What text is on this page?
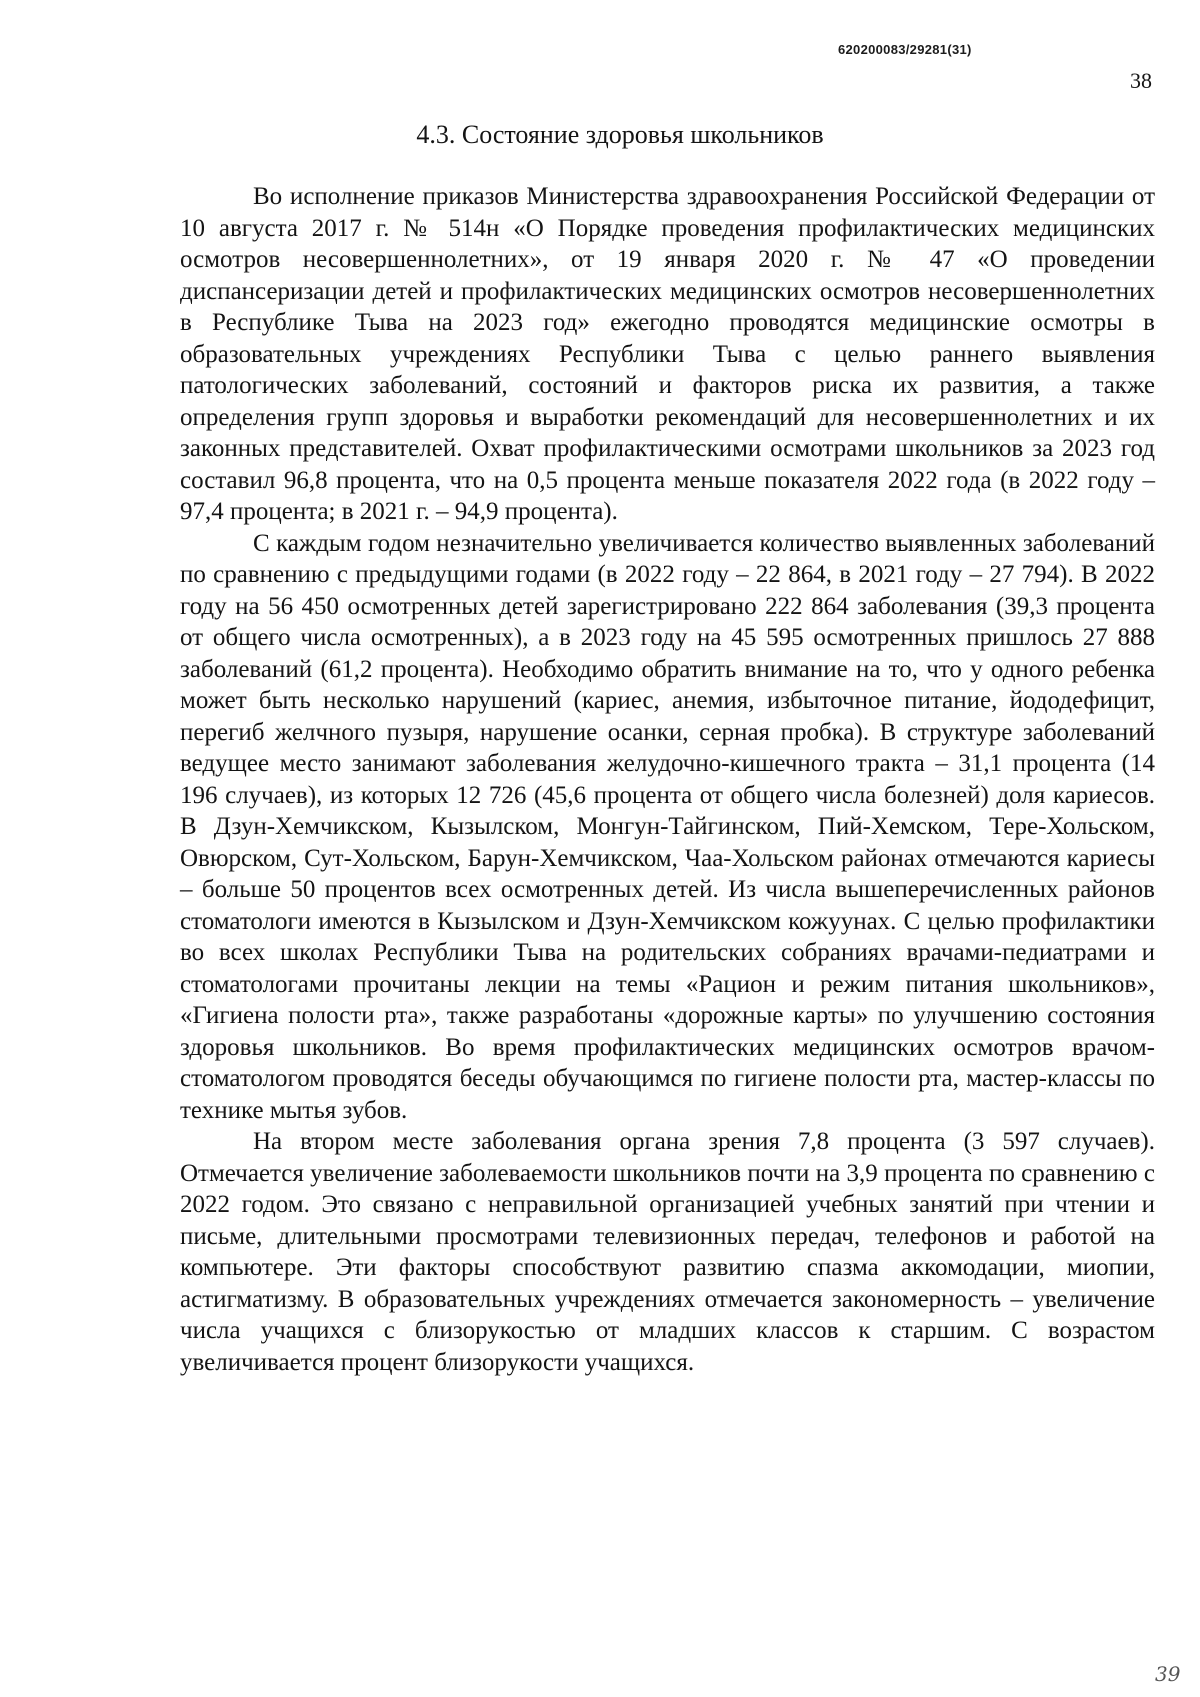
620200083/29281(31)
38
4.3. Состояние здоровья школьников

Во исполнение приказов Министерства здравоохранения Российской Федерации от 10 августа 2017 г. № 514н «О Порядке проведения профилактических медицинских осмотров несовершеннолетних», от 19 января 2020 г. № 47 «О проведении диспансеризации детей и профилактических медицинских осмотров несовершеннолетних в Республике Тыва на 2023 год» ежегодно проводятся медицинские осмотры в образовательных учреждениях Республики Тыва с целью раннего выявления патологических заболеваний, состояний и факторов риска их развития, а также определения групп здоровья и выработки рекомендаций для несовершеннолетних и их законных представителей. Охват профилактическими осмотрами школьников за 2023 год составил 96,8 процента, что на 0,5 процента меньше показателя 2022 года (в 2022 году – 97,4 процента; в 2021 г. – 94,9 процента).

С каждым годом незначительно увеличивается количество выявленных заболеваний по сравнению с предыдущими годами (в 2022 году – 22 864, в 2021 году – 27 794). В 2022 году на 56 450 осмотренных детей зарегистрировано 222 864 заболевания (39,3 процента от общего числа осмотренных), а в 2023 году на 45 595 осмотренных пришлось 27 888 заболеваний (61,2 процента). Необходимо обратить внимание на то, что у одного ребенка может быть несколько нарушений (кариес, анемия, избыточное питание, йододефицит, перегиб желчного пузыря, нарушение осанки, серная пробка). В структуре заболеваний ведущее место занимают заболевания желудочно-кишечного тракта – 31,1 процента (14 196 случаев), из которых 12 726 (45,6 процента от общего числа болезней) доля кариесов. В Дзун-Хемчикском, Кызылском, Монгун-Тайгинском, Пий-Хемском, Тере-Хольском, Овюрском, Сут-Хольском, Барун-Хемчикском, Чаа-Хольском районах отмечаются кариесы – больше 50 процентов всех осмотренных детей. Из числа вышеперечисленных районов стоматологи имеются в Кызылском и Дзун-Хемчикском кожуунах. С целью профилактики во всех школах Республики Тыва на родительских собраниях врачами-педиатрами и стоматологами прочитаны лекции на темы «Рацион и режим питания школьников», «Гигиена полости рта», также разработаны «дорожные карты» по улучшению состояния здоровья школьников. Во время профилактических медицинских осмотров врачом-стоматологом проводятся беседы обучающимся по гигиене полости рта, мастер-классы по технике мытья зубов.

На втором месте заболевания органа зрения 7,8 процента (3 597 случаев). Отмечается увеличение заболеваемости школьников почти на 3,9 процента по сравнению с 2022 годом. Это связано с неправильной организацией учебных занятий при чтении и письме, длительными просмотрами телевизионных передач, телефонов и работой на компьютере. Эти факторы способствуют развитию спазма аккомодации, миопии, астигматизму. В образовательных учреждениях отмечается закономерность – увеличение числа учащихся с близорукостью от младших классов к старшим. С возрастом увеличивается процент близорукости учащихся.

39
